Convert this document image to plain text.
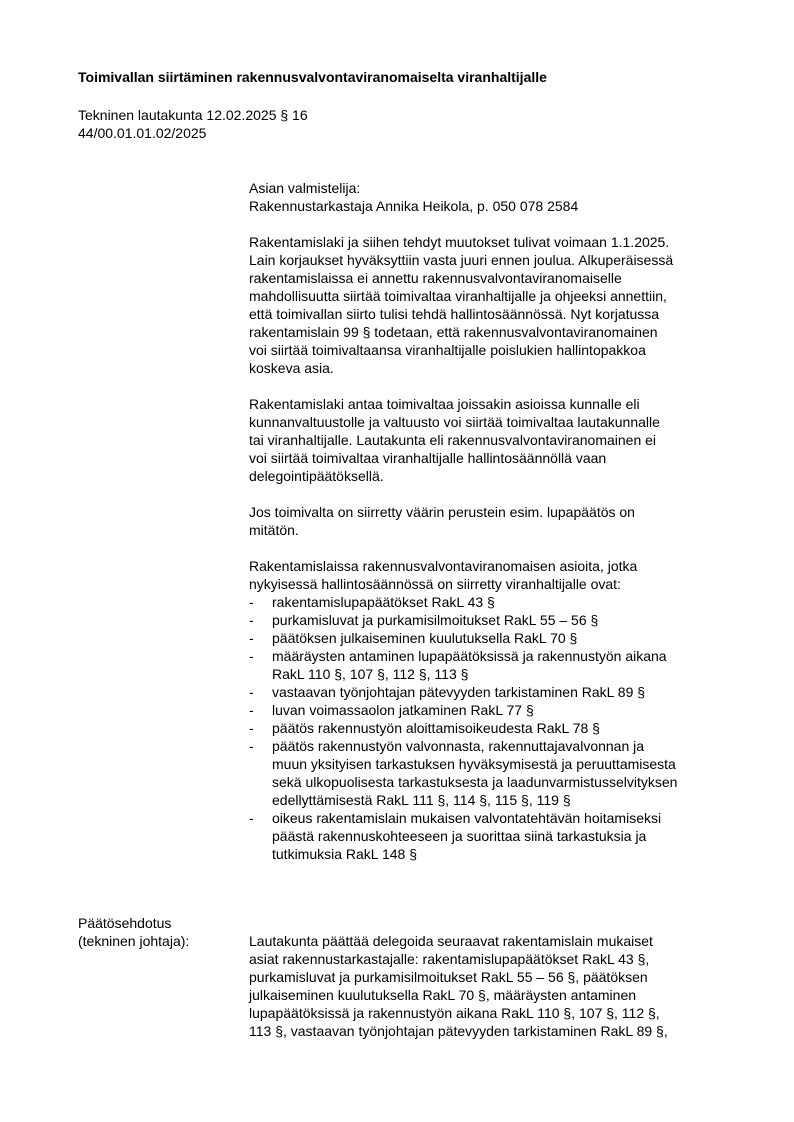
Toimivallan siirtäminen rakennusvalvontaviranomaiselta viranhaltijalle
Tekninen lautakunta 12.02.2025 § 16
44/00.01.01.02/2025
Asian valmistelija:
Rakennustarkastaja Annika Heikola, p. 050 078 2584
Rakentamislaki ja siihen tehdyt muutokset tulivat voimaan 1.1.2025.
Lain korjaukset hyväksyttiin vasta juuri ennen joulua. Alkuperäisessä
rakentamislaissa ei annettu rakennusvalvontaviranomaiselle
mahdollisuutta siirtää toimivaltaa viranhaltijalle ja ohjeeksi annettiin,
että toimivallan siirto tulisi tehdä hallintosäännössä. Nyt korjatussa
rakentamislain 99 § todetaan, että rakennusvalvontaviranomainen
voi siirtää toimivaltaansa viranhaltijalle poislukien hallintopakkoa
koskeva asia.
Rakentamislaki antaa toimivaltaa joissakin asioissa kunnalle eli
kunnanvaltuustolle ja valtuusto voi siirtää toimivaltaa lautakunnalle
tai viranhaltijalle. Lautakunta eli rakennusvalvontaviranomainen ei
voi siirtää toimivaltaa viranhaltijalle hallintosäännöllä vaan
delegointipäätöksellä.
Jos toimivalta on siirretty väärin perustein esim. lupapäätös on
mitätön.
Rakentamislaissa rakennusvalvontaviranomaisen asioita, jotka
nykyisessä hallintosäännössä on siirretty viranhaltijalle ovat:
- rakentamislupapäätökset RakL 43 §
- purkamisluvat ja purkamisilmoitukset RakL 55 – 56 §
- päätöksen julkaiseminen kuulutuksella RakL 70 §
- määräysten antaminen lupapäätöksissä ja rakennustyön aikana
RakL 110 §, 107 §, 112 §, 113 §
- vastaavan työnjohtajan pätevyyden tarkistaminen RakL 89 §
- luvan voimassaolon jatkaminen RakL 77 §
- päätös rakennustyön aloittamisoikeudesta RakL 78 §
- päätös rakennustyön valvonnasta, rakennuttajavalvonnan ja
muun yksityisen tarkastuksen hyväksymisestä ja peruuttamisesta
sekä ulkopuolisesta tarkastuksesta ja laadunvarmistusselvityksen
edellyttämisestä RakL 111 §, 114 §, 115 §, 119 §
- oikeus rakentamislain mukaisen valvontatehtävän hoitamiseksi
päästä rakennuskohteeseen ja suorittaa siinä tarkastuksia ja
tutkimuksia RakL 148 §
Päätösehdotus
(tekninen johtaja):	Lautakunta päättää delegoida seuraavat rakentamislain mukaiset
asiat rakennustarkastajalle: rakentamislupapäätökset RakL 43 §,
purkamisluvat ja purkamisilmoitukset RakL 55 – 56 §, päätöksen
julkaiseminen kuulutuksella RakL 70 §, määräysten antaminen
lupapäätöksissä ja rakennustyön aikana RakL 110 §, 107 §, 112 §,
113 §, vastaavan työnjohtajan pätevyyden tarkistaminen RakL 89 §,
